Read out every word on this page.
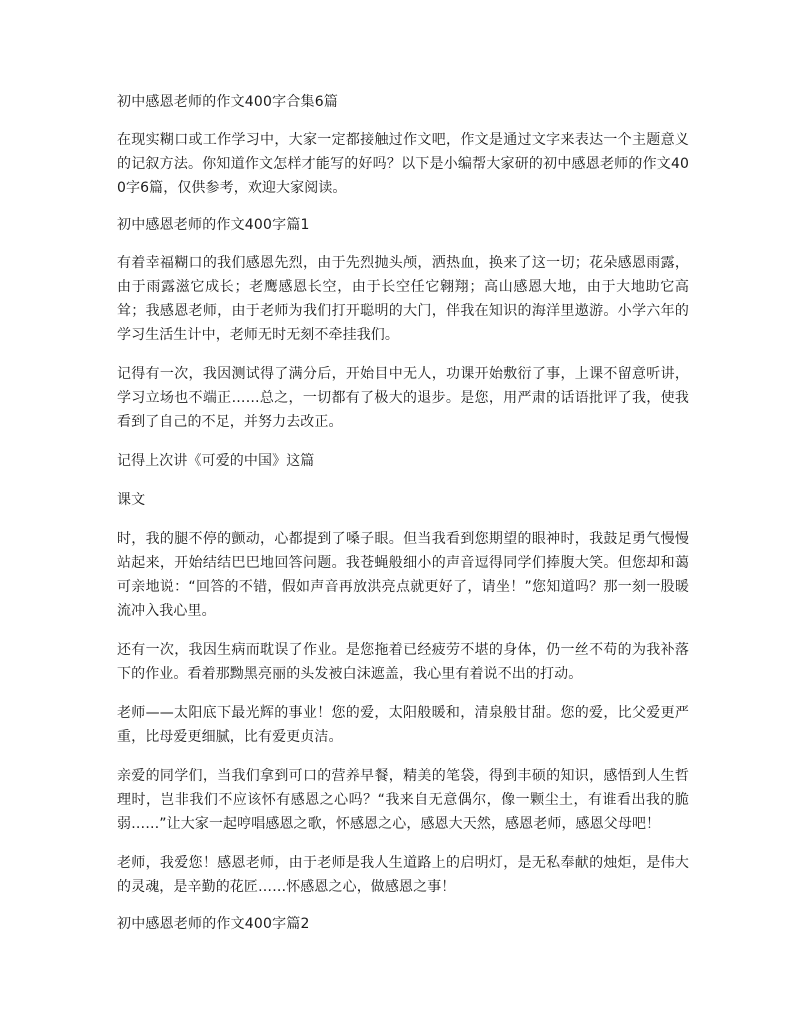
初中感恩老师的作文400字合集6篇

在现实糊口或工作学习中，大家一定都接触过作文吧，作文是通过文字来表达一个主题意义的记叙方法。你知道作文怎样才能写的好吗？以下是小编帮大家研的初中感恩老师的作文400字6篇，仅供参考，欢迎大家阅读。

初中感恩老师的作文400字篇1

有着幸福糊口的我们感恩先烈，由于先烈抛头颅，洒热血，换来了这一切；花朵感恩雨露，由于雨露滋它成长；老鹰感恩长空，由于长空任它翱翔；高山感恩大地，由于大地助它高耸；我感恩老师，由于老师为我们打开聪明的大门，伴我在知识的海洋里遨游。小学六年的学习生活生计中，老师无时无刻不牵挂我们。

记得有一次，我因测试得了满分后，开始目中无人，功课开始敷衍了事，上课不留意听讲，学习立场也不端正……总之，一切都有了极大的退步。是您，用严肃的话语批评了我，使我看到了自己的不足，并努力去改正。

记得上次讲《可爱的中国》这篇

课文

时，我的腿不停的颤动，心都提到了嗓子眼。但当我看到您期望的眼神时，我鼓足勇气慢慢站起来，开始结结巴巴地回答问题。我苍蝇般细小的声音逗得同学们捧腹大笑。但您却和蔼可亲地说：“回答的不错，假如声音再放洪亮点就更好了，请坐！”您知道吗？那一刻一股暖流冲入我心里。

还有一次，我因生病而耽误了作业。是您拖着已经疲劳不堪的身体，仍一丝不苟的为我补落下的作业。看着那黝黑亮丽的头发被白沫遮盖，我心里有着说不出的打动。

老师——太阳底下最光辉的事业！您的爱，太阳般暖和，清泉般甘甜。您的爱，比父爱更严重，比母爱更细腻，比有爱更贞洁。

亲爱的同学们，当我们拿到可口的营养早餐，精美的笔袋，得到丰硕的知识，感悟到人生哲理时，岂非我们不应该怀有感恩之心吗？“我来自无意偶尔，像一颗尘土，有谁看出我的脆弱……”让大家一起哼唱感恩之歌，怀感恩之心，感恩大天然，感恩老师，感恩父母吧！

老师，我爱您！感恩老师，由于老师是我人生道路上的启明灯，是无私奉献的烛炬，是伟大的灵魂，是辛勤的花匠……怀感恩之心，做感恩之事！

初中感恩老师的作文400字篇2
